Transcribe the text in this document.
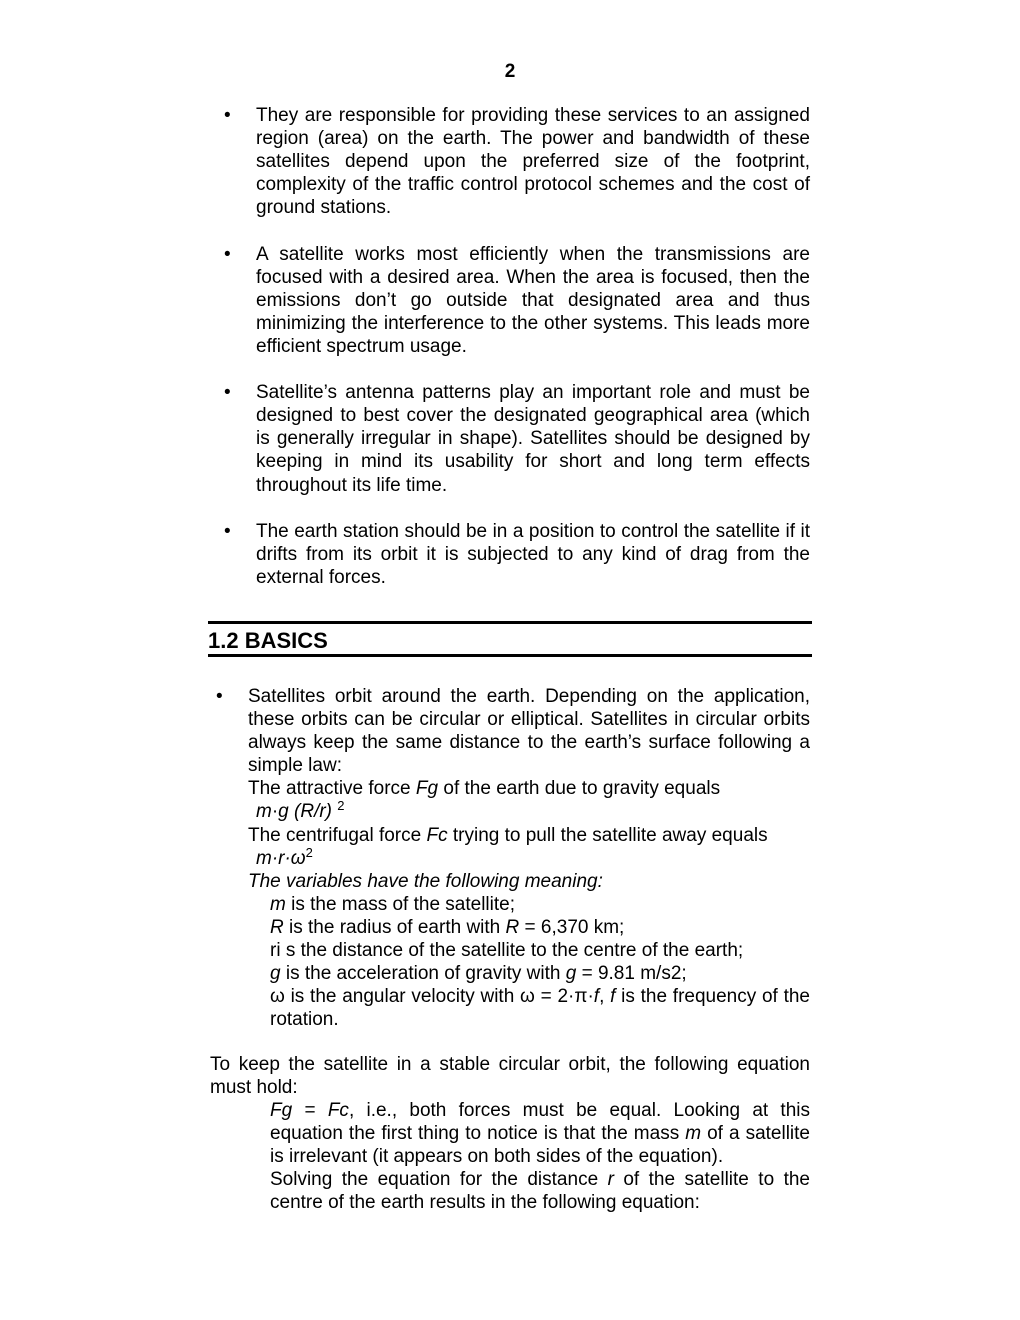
2
• They are responsible for providing these services to an assigned region (area) on the earth. The power and bandwidth of these satellites depend upon the preferred size of the footprint, complexity of the traffic control protocol schemes and the cost of ground stations.
• A satellite works most efficiently when the transmissions are focused with a desired area. When the area is focused, then the emissions don’t go outside that designated area and thus minimizing the interference to the other systems. This leads more efficient spectrum usage.
• Satellite’s antenna patterns play an important role and must be designed to best cover the designated geographical area (which is generally irregular in shape). Satellites should be designed by keeping in mind its usability for short and long term effects throughout its life time.
• The earth station should be in a position to control the satellite if it drifts from its orbit it is subjected to any kind of drag from the external forces.
1.2 BASICS
• Satellites orbit around the earth. Depending on the application, these orbits can be circular or elliptical. Satellites in circular orbits always keep the same distance to the earth’s surface following a simple law:
The attractive force Fg of the earth due to gravity equals
m·g (R/r) $^2$
The centrifugal force Fc trying to pull the satellite away equals
$m\cdot r\cdot\omega^2$
The variables have the following meaning:
m is the mass of the satellite;
R is the radius of earth with R = 6,370 km;
ri s the distance of the satellite to the centre of the earth;
g is the acceleration of gravity with g = 9.81 m/s2;
ω is the angular velocity with ω = 2·π·f, f is the frequency of the rotation.
To keep the satellite in a stable circular orbit, the following equation must hold:
Fg = Fc, i.e., both forces must be equal. Looking at this equation the first thing to notice is that the mass m of a satellite is irrelevant (it appears on both sides of the equation).
Solving the equation for the distance r of the satellite to the centre of the earth results in the following equation:
